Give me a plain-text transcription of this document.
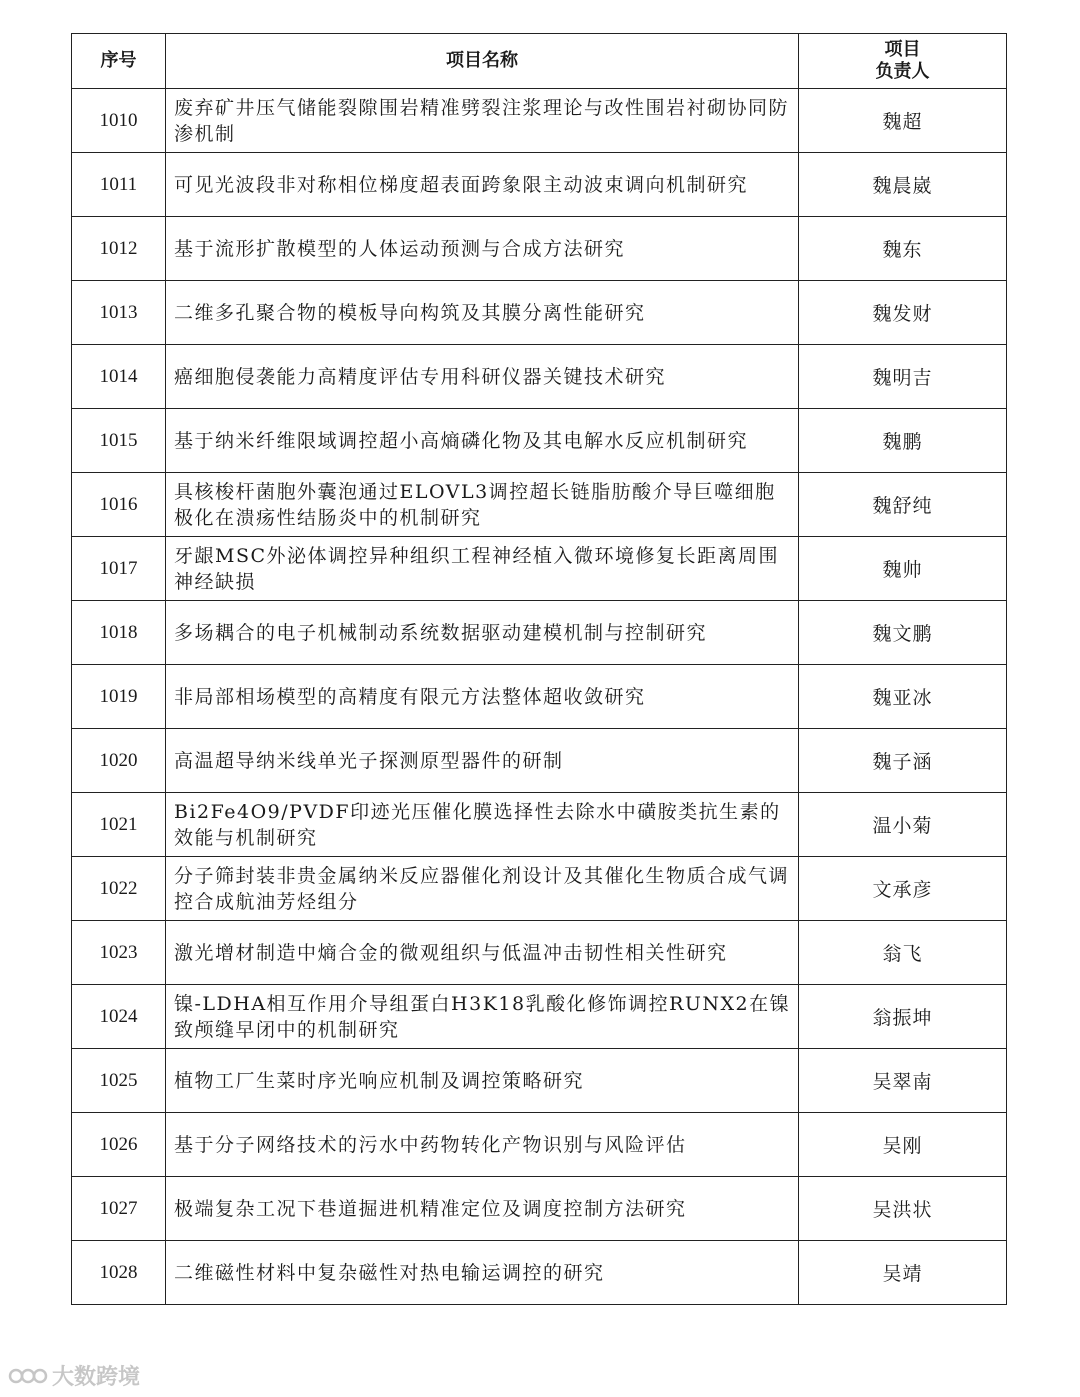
序号	项目名称	项目
负责人

1010	废弃矿井压气储能裂隙围岩精准劈裂注浆理论与改性围岩衬砌协同防渗机制	魏超
1011	可见光波段非对称相位梯度超表面跨象限主动波束调向机制研究	魏晨崴
1012	基于流形扩散模型的人体运动预测与合成方法研究	魏东
1013	二维多孔聚合物的模板导向构筑及其膜分离性能研究	魏发财
1014	癌细胞侵袭能力高精度评估专用科研仪器关键技术研究	魏明吉
1015	基于纳米纤维限域调控超小高熵磷化物及其电解水反应机制研究	魏鹏
1016	具核梭杆菌胞外囊泡通过ELOVL3调控超长链脂肪酸介导巨噬细胞极化在溃疡性结肠炎中的机制研究	魏舒纯
1017	牙龈MSC外泌体调控异种组织工程神经植入微环境修复长距离周围神经缺损	魏帅
1018	多场耦合的电子机械制动系统数据驱动建模机制与控制研究	魏文鹏
1019	非局部相场模型的高精度有限元方法整体超收敛研究	魏亚冰
1020	高温超导纳米线单光子探测原型器件的研制	魏子涵
1021	Bi2Fe4O9/PVDF印迹光压催化膜选择性去除水中磺胺类抗生素的效能与机制研究	温小菊
1022	分子筛封装非贵金属纳米反应器催化剂设计及其催化生物质合成气调控合成航油芳烃组分	文承彦
1023	激光增材制造中熵合金的微观组织与低温冲击韧性相关性研究	翁飞
1024	镍-LDHA相互作用介导组蛋白H3K18乳酸化修饰调控RUNX2在镍致颅缝早闭中的机制研究	翁振坤
1025	植物工厂生菜时序光响应机制及调控策略研究	吴翠南
1026	基于分子网络技术的污水中药物转化产物识别与风险评估	吴刚
1027	极端复杂工况下巷道掘进机精准定位及调度控制方法研究	吴洪状
1028	二维磁性材料中复杂磁性对热电输运调控的研究	吴靖
大数跨境
